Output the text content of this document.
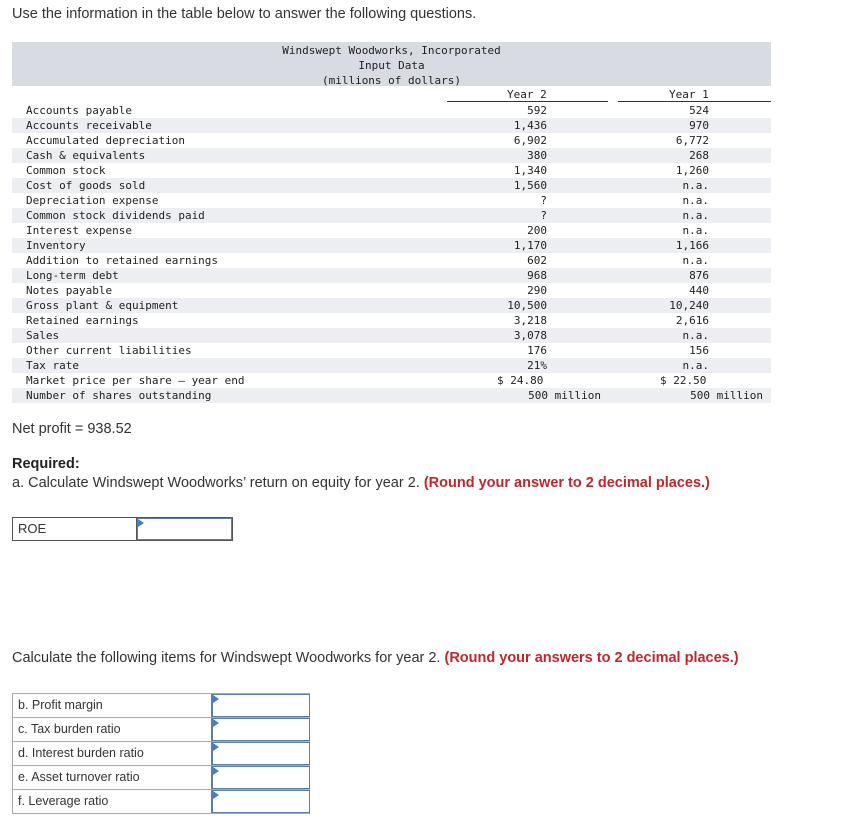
Use the information in the table below to answer the following questions.
Windswept Woodworks, Incorporated
Input Data
(millions of dollars)
Year 2	Year 1
Accounts payable	592	524
Accounts receivable	1,436	970
Accumulated depreciation	6,902	6,772
Cash & equivalents	380	268
Common stock	1,340	1,260
Cost of goods sold	1,560	n.a.
Depreciation expense	?	n.a.
Common stock dividends paid	?	n.a.
Interest expense	200	n.a.
Inventory	1,170	1,166
Addition to retained earnings	602	n.a.
Long-term debt	968	876
Notes payable	290	440
Gross plant & equipment	10,500	10,240
Retained earnings	3,218	2,616
Sales	3,078	n.a.
Other current liabilities	176	156
Tax rate	21%	n.a.
Market price per share – year end	$ 24.80	$ 22.50
Number of shares outstanding	500 million	500 million
Net profit = 938.52
Required:
a. Calculate Windswept Woodworks’ return on equity for year 2. (Round your answer to 2 decimal places.)
ROE
Calculate the following items for Windswept Woodworks for year 2. (Round your answers to 2 decimal places.)
b. Profit margin
c. Tax burden ratio
d. Interest burden ratio
e. Asset turnover ratio
f. Leverage ratio
